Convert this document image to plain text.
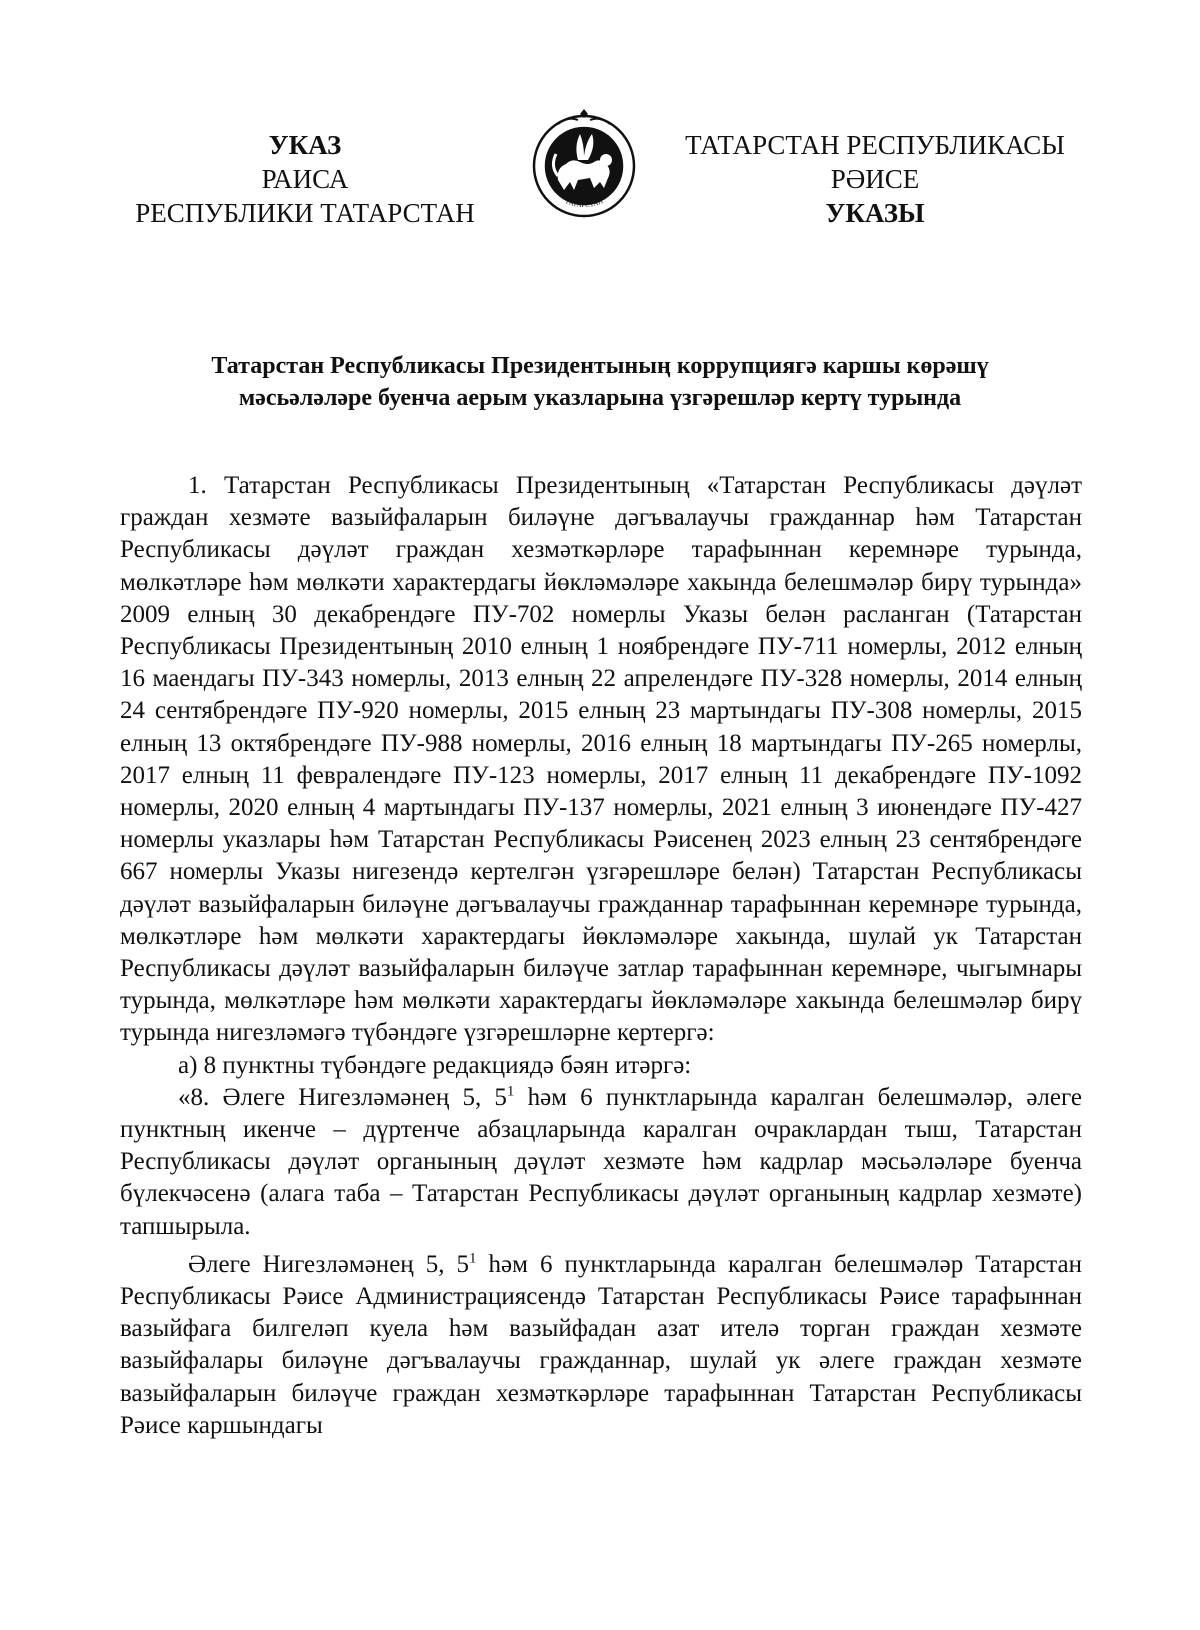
УКАЗ
РАИСА
РЕСПУБЛИКИ ТАТАРСТАН
ТАТАРСТАН РЕСПУБЛИКАСЫ
РӘИСЕ
УКАЗЫ
ТАТАРСТАН
Татарстан Республикасы Президентының коррупциягә каршы көрәшү
мәсьәләләре буенча аерым указларына үзгәрешләр кертү турында

1. Татарстан Республикасы Президентының «Татарстан Республикасы дәүләт граждан хезмәте вазыйфаларын биләүне дәгъвалаучы гражданнар һәм Татарстан Республикасы дәүләт граждан хезмәткәрләре тарафыннан керемнәре турында, мөлкәтләре һәм мөлкәти характердагы йөкләмәләре хакында белешмәләр бирү турында» 2009 елның 30 декабрендәге ПУ-702 номерлы Указы белән расланган (Татарстан Республикасы Президентының 2010 елның 1 ноябрендәге ПУ-711 номерлы, 2012 елның 16 маендагы ПУ-343 номерлы, 2013 елның 22 апрелендәге ПУ-328 номерлы, 2014 елның 24 сентябрендәге ПУ-920 номерлы, 2015 елның 23 мартындагы ПУ-308 номерлы, 2015 елның 13 октябрендәге ПУ-988 номерлы, 2016 елның 18 мартындагы ПУ-265 номерлы, 2017 елның 11 февралендәге ПУ-123 номерлы, 2017 елның 11 декабрендәге ПУ-1092 номерлы, 2020 елның 4 мартындагы ПУ-137 номерлы, 2021 елның 3 июнендәге ПУ-427 номерлы указлары һәм Татарстан Республикасы Рәисенең 2023 елның 23 сентябрендәге 667 номерлы Указы нигезендә кертелгән үзгәрешләре белән) Татарстан Республикасы дәүләт вазыйфаларын биләүне дәгъвалаучы гражданнар тарафыннан керемнәре турында, мөлкәтләре һәм мөлкәти характердагы йөкләмәләре хакында, шулай ук Татарстан Республикасы дәүләт вазыйфаларын биләүче затлар тарафыннан керемнәре, чыгымнары турында, мөлкәтләре һәм мөлкәти характердагы йөкләмәләре хакында белешмәләр бирү турында нигезләмәгә түбәндәге үзгәрешләрне кертергә:

а) 8 пунктны түбәндәге редакциядә бәян итәргә:

«8. Әлеге Нигезләмәнең 5, $5^1$ һәм 6 пунктларында каралган белешмәләр, әлеге пунктның икенче – дүртенче абзацларында каралган очраклардан тыш, Татарстан Республикасы дәүләт органының дәүләт хезмәте һәм кадрлар мәсьәләләре буенча бүлекчәсенә (алага таба – Татарстан Республикасы дәүләт органының кадрлар хезмәте) тапшырыла.

Әлеге Нигезләмәнең 5, $5^1$ һәм 6 пунктларында каралган белешмәләр Татарстан Республикасы Рәисе Администрациясендә Татарстан Республикасы Рәисе тарафыннан вазыйфага билгеләп куела һәм вазыйфадан азат ителә торган граждан хезмәте вазыйфалары биләүне дәгъвалаучы гражданнар, шулай ук әлеге граждан хезмәте вазыйфаларын биләүче граждан хезмәткәрләре тарафыннан Татарстан Республикасы Рәисе каршындагы
